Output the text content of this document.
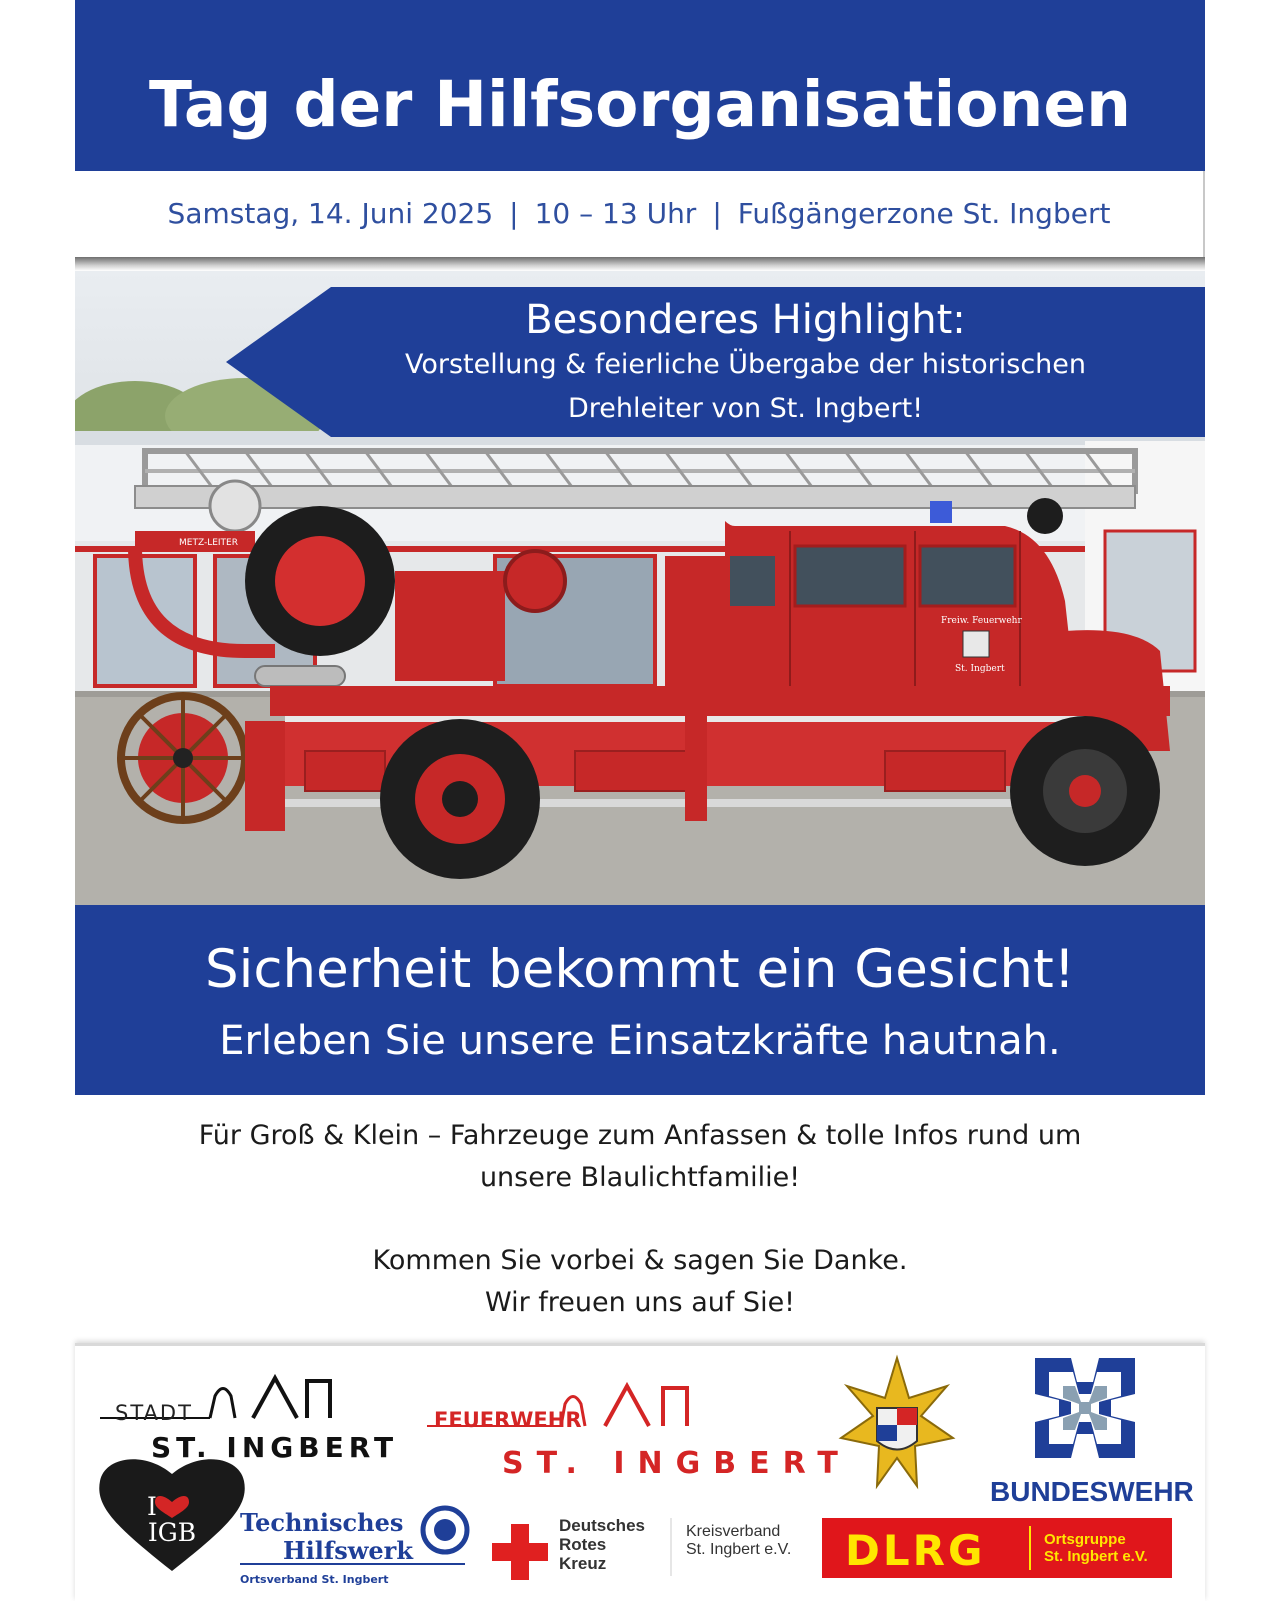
Tag der Hilfsorganisationen
Samstag, 14. Juni 2025 | 10 – 13 Uhr | Fußgängerzone St. Ingbert
METZ-LEITER
Freiw. Feuerwehr
St. Ingbert
Besonderes Highlight:
Vorstellung & feierliche Übergabe der historischen
Drehleiter von St. Ingbert!
Sicherheit bekommt ein Gesicht!
Erleben Sie unsere Einsatzkräfte hautnah.
Für Groß & Klein – Fahrzeuge zum Anfassen & tolle Infos rund um
unsere Blaulichtfamilie!
Kommen Sie vorbei & sagen Sie Danke.
Wir freuen uns auf Sie!
STADT
ST. INGBERT
FEUERWEHR
ST. INGBERT
BUNDESWEHR
I
IGB	Technisches
Hilfswerk
Ortsverband St. Ingbert
Deutsches
Rotes
Kreuz
Kreisverband
St. Ingbert e.V. DLRG	Ortsgruppe
St. Ingbert e.V.
